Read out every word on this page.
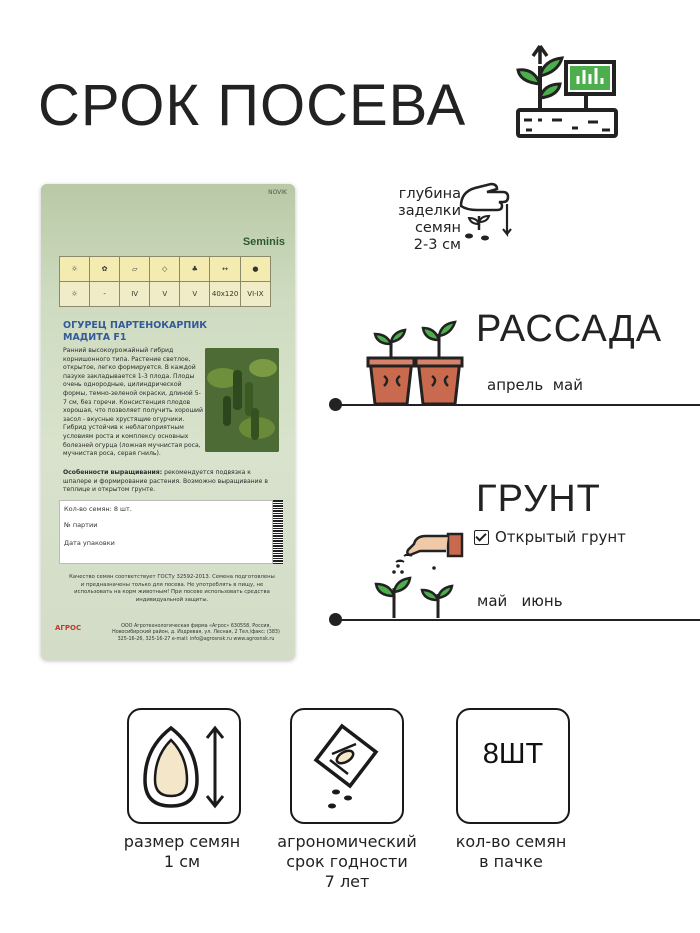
СРОК ПОСЕВА
NOVIK
Seminis
☼	✿	▱	◇	♣	↔	●
☼	-	IV	V	V	40x120	VI-IX
ОГУРЕЦ ПАРТЕНОКАРПИК
МАДИТА F1
Ранний высокоурожайный гибрид корнишонного типа. Растение светлое, открытое, легко формируется. В каждой пазухе закладывается 1-3 плода. Плоды очень однородные, цилиндрической формы, темно-зеленой окраски, длиной 5-7 см, без горечи. Консистенция плодов хорошая, что позволяет получить хороший засол - вкусные хрустящие огурчики. Гибрид устойчив к неблагоприятным условиям роста и комплексу основных болезней огурца (ложная мучнистая роса, мучнистая роса, серая гниль).
Особенности выращивания: рекомендуется подвязка к шпалере и формирование растения. Возможно выращивание в теплице и открытом грунте.
Кол-во семян: 8 шт.
№ партии
Дата упаковки
Качество семян соответствует ГОСТу 32592-2013. Семена подготовлены и предназначены только для посева. Не употреблять в пищу, не использовать на корм животным! При посеве использовать средства индивидуальной защиты.
АГРОС	ООО Агротехнологическая фирма «Агрос» 630558, Россия, Новосибирский район, д. Издревая, ул. Лесная, 2 Тел./факс: (383) 325-16-26, 325-16-27 e-mail: info@agrosnsk.ru www.agrosnsk.ru
глубина
заделки
семян
2-3 см
РАССАДА
апрель  май
ГРУНТ
Открытый грунт
май   июнь
8ШТ
размер семян
1 см
агрономический
срок годности
7 лет
кол-во семян
в пачке
